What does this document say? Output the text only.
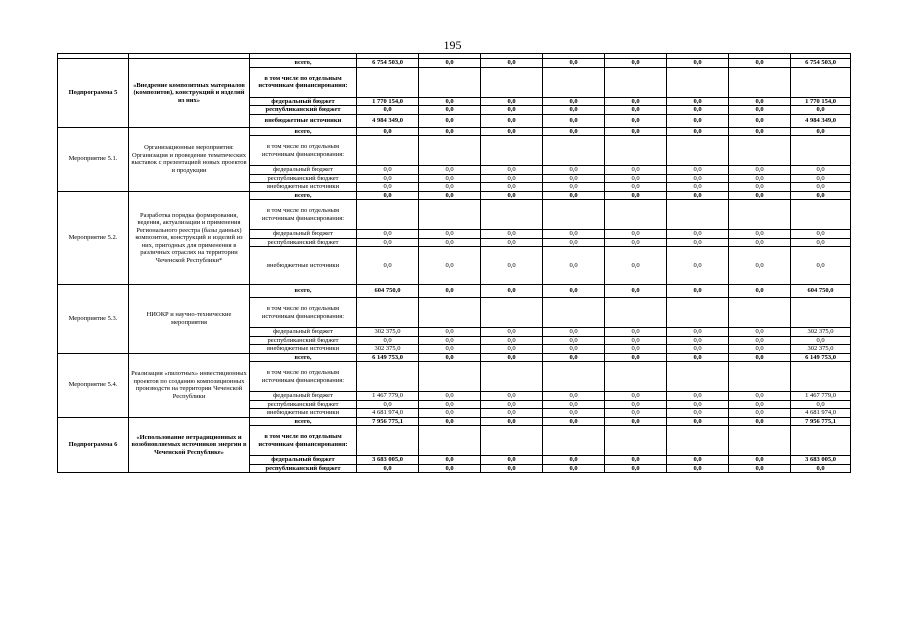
195

Подпрограмма 5	«Внедрение композитных материалов (композитов), конструкций и изделий из них»	всего,	6 754 503,0	0,0	0,0	0,0	0,0	0,0	0,0	6 754 503,0
		в том числе по отдельным источникам финансирования:								
		федеральный бюджет	1 770 154,0	0,0	0,0	0,0	0,0	0,0	0,0	1 770 154,0
		республиканский бюджет	0,0	0,0	0,0	0,0	0,0	0,0	0,0	0,0
		внебюджетные источники	4 984 349,0	0,0	0,0	0,0	0,0	0,0	0,0	4 984 349,0
Мероприятие 5.1.	Организационные мероприятия: Организация и проведение тематических выставок с презентацией новых проектов и продукции	всего,	0,0	0,0	0,0	0,0	0,0	0,0	0,0	0,0
		в том числе по отдельным источникам финансирования:								
		федеральный бюджет	0,0	0,0	0,0	0,0	0,0	0,0	0,0	0,0
		республиканский бюджет	0,0	0,0	0,0	0,0	0,0	0,0	0,0	0,0
		внебюджетные источники	0,0	0,0	0,0	0,0	0,0	0,0	0,0	0,0
Мероприятие 5.2.	Разработка порядка формирования, ведения, актуализации и применения Регионального реестра (базы данных) композитов, конструкций и изделий из них, пригодных для применения в различных отраслях на территории Чеченской Республики*	всего,	0,0	0,0	0,0	0,0	0,0	0,0	0,0	0,0
		в том числе по отдельным источникам финансирования:								
		федеральный бюджет	0,0	0,0	0,0	0,0	0,0	0,0	0,0	0,0
		республиканский бюджет	0,0	0,0	0,0	0,0	0,0	0,0	0,0	0,0
		внебюджетные источники	0,0	0,0	0,0	0,0	0,0	0,0	0,0	0,0
Мероприятие 5.3.	НИОКР и научно-технические мероприятия	всего,	604 750,0	0,0	0,0	0,0	0,0	0,0	0,0	604 750,0
		в том числе по отдельным источникам финансирования:								
		федеральный бюджет	302 375,0	0,0	0,0	0,0	0,0	0,0	0,0	302 375,0
		республиканский бюджет	0,0	0,0	0,0	0,0	0,0	0,0	0,0	0,0
		внебюджетные источники	302 375,0	0,0	0,0	0,0	0,0	0,0	0,0	302 375,0
Мероприятие 5.4.	Реализация «пилотных» инвестиционных проектов по созданию композиционных производств на территории Чеченской Республики	всего,	6 149 753,0	0,0	0,0	0,0	0,0	0,0	0,0	6 149 753,0
		в том числе по отдельным источникам финансирования:								
		федеральный бюджет	1 467 779,0	0,0	0,0	0,0	0,0	0,0	0,0	1 467 779,0
		республиканский бюджет	0,0	0,0	0,0	0,0	0,0	0,0	0,0	0,0
		внебюджетные источники	4 681 974,0	0,0	0,0	0,0	0,0	0,0	0,0	4 681 974,0
Подпрограмма 6	«Использование нетрадиционных и возобновляемых источников энергии в Чеченской Республике»	всего,	7 956 775,1	0,0	0,0	0,0	0,0	0,0	0,0	7 956 775,1
		в том числе по отдельным источникам финансирования:								
		федеральный бюджет	3 683 005,0	0,0	0,0	0,0	0,0	0,0	0,0	3 683 005,0
		республиканский бюджет	0,0	0,0	0,0	0,0	0,0	0,0	0,0	0,0
